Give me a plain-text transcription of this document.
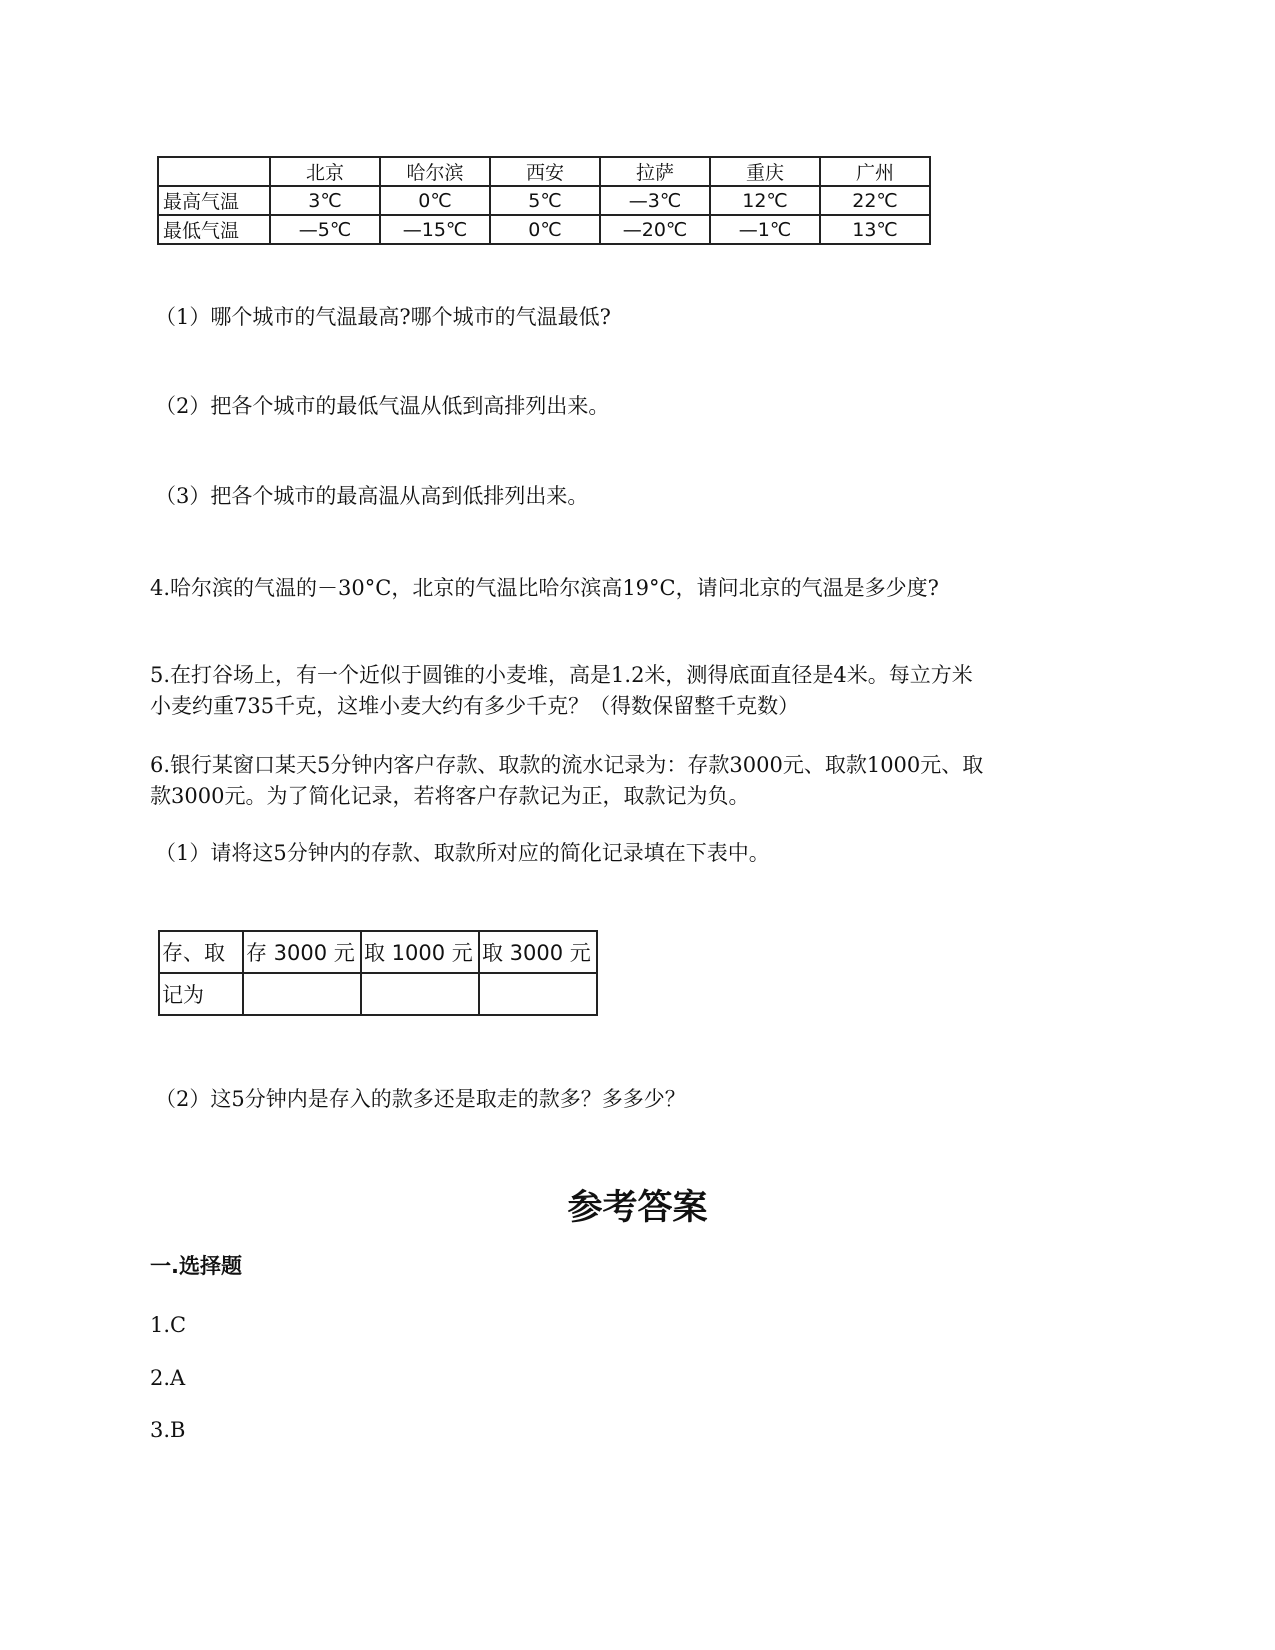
	北京	哈尔滨	西安	拉萨	重庆	广州
最高气温	3℃	0℃	5℃	—3℃	12℃	22℃
最低气温	—5℃	—15℃	0℃	—20℃	—1℃	13℃
（1）哪个城市的气温最高?哪个城市的气温最低?
（2）把各个城市的最低气温从低到高排列出来。
（3）把各个城市的最高温从高到低排列出来。
4.哈尔滨的气温的－30°C，北京的气温比哈尔滨高19°C，请问北京的气温是多少度?
5.在打谷场上，有一个近似于圆锥的小麦堆，高是1.2米，测得底面直径是4米。每立方米
小麦约重735千克，这堆小麦大约有多少千克？（得数保留整千克数）
6.银行某窗口某天5分钟内客户存款、取款的流水记录为：存款3000元、取款1000元、取
款3000元。为了简化记录，若将客户存款记为正，取款记为负。
（1）请将这5分钟内的存款、取款所对应的简化记录填在下表中。
存、取	存 3000 元	取 1000 元	取 3000 元
记为			
（2）这5分钟内是存入的款多还是取走的款多？多多少？
参考答案
一.选择题
1.C
2.A
3.B
